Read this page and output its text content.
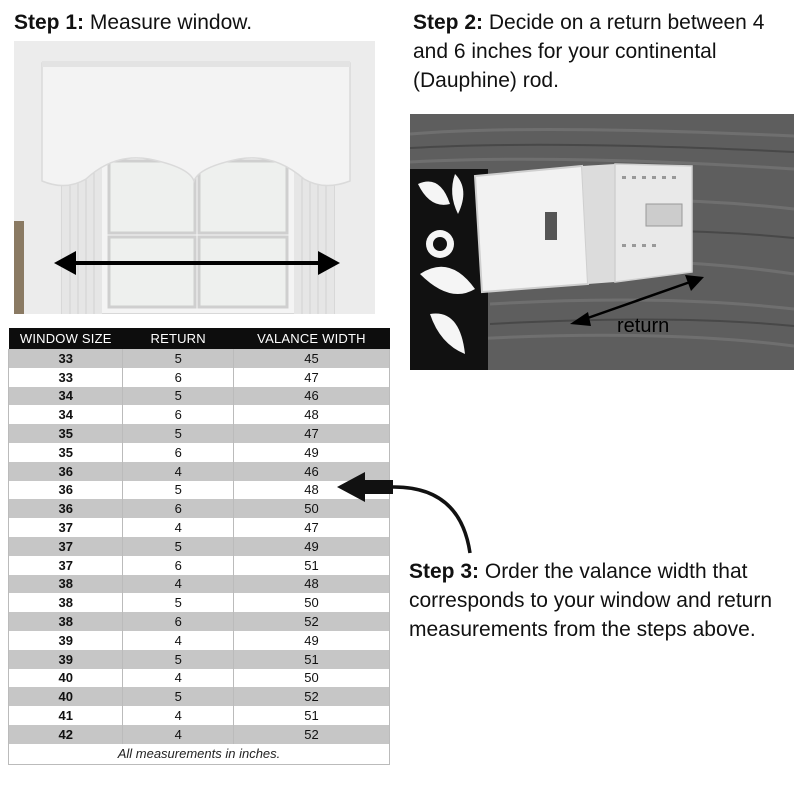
Step 1: Measure window.	Step 2: Decide on a return between 4 and 6 inches for your continental (Dauphine) rod.
return
WINDOW SIZE	RETURN	VALANCE WIDTH
33	5	45
33	6	47
34	5	46
34	6	48
35	5	47
35	6	49
36	4	46
36	5	48
36	6	50
37	4	47
37	5	49
37	6	51
38	4	48
38	5	50
38	6	52
39	4	49
39	5	51
40	4	50
40	5	52
41	4	51
42	4	52
All measurements in inches.
Step 3: Order the valance width that corresponds to your window and return measurements from the steps above.
